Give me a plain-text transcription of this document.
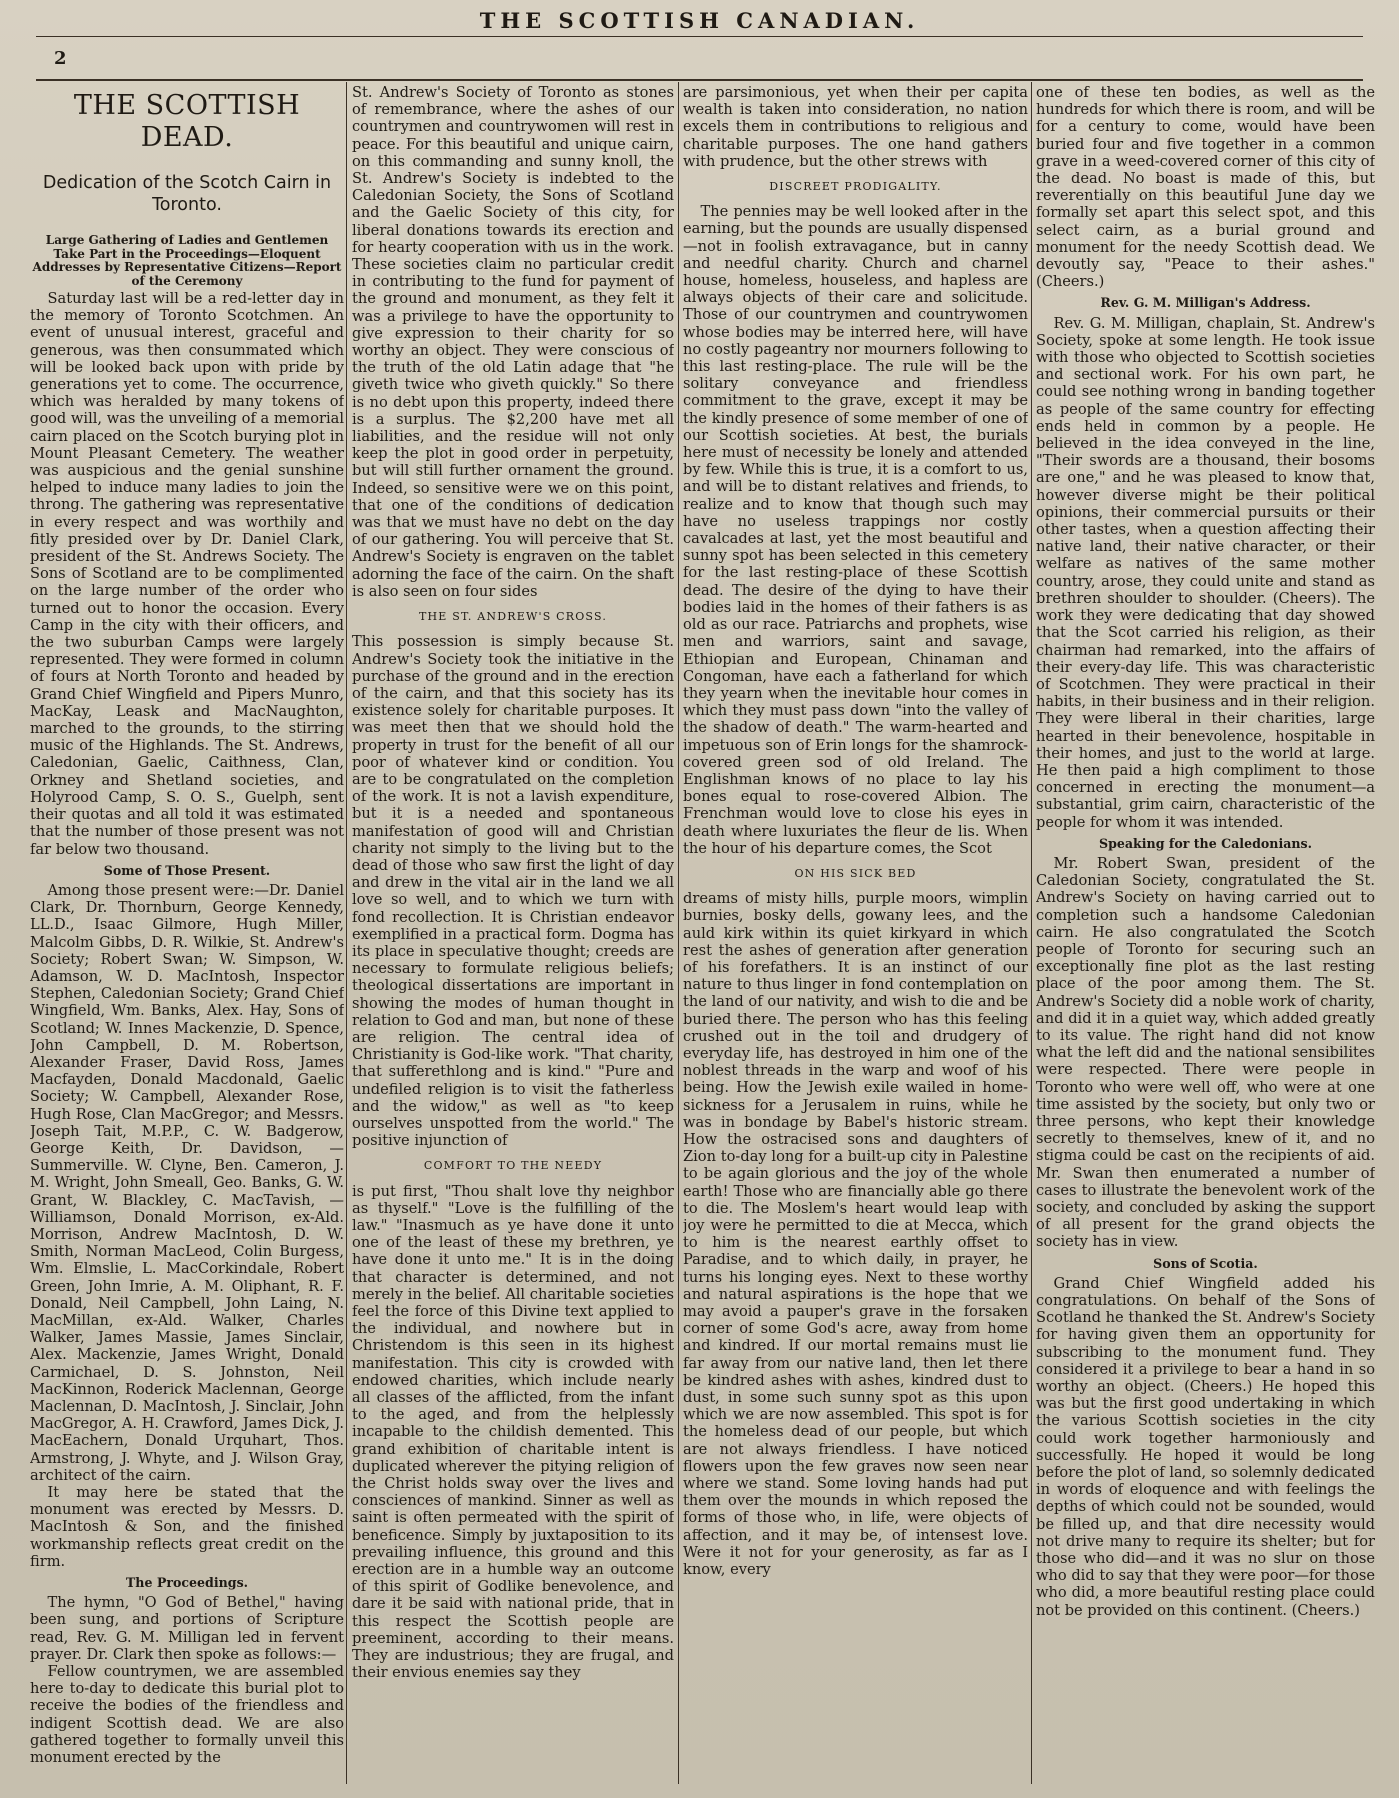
THE SCOTTISH CANADIAN.
2
THE SCOTTISH DEAD.
Dedication of the Scotch Cairn in Toronto.
Large Gathering of Ladies and Gentlemen Take Part in the Proceedings—Eloquent Addresses by Representative Citizens—Report of the Ceremony

Saturday last will be a red-letter day in the memory of Toronto Scotchmen. An event of unusual interest, graceful and generous, was then consummated which will be looked back upon with pride by generations yet to come. The occurrence, which was heralded by many tokens of good will, was the unveiling of a memorial cairn placed on the Scotch burying plot in Mount Pleasant Cemetery. The weather was auspicious and the genial sunshine helped to induce many ladies to join the throng. The gathering was representative in every respect and was worthily and fitly presided over by Dr. Daniel Clark, president of the St. Andrews Society. The Sons of Scotland are to be complimented on the large number of the order who turned out to honor the occasion. Every Camp in the city with their officers, and the two suburban Camps were largely represented. They were formed in column of fours at North Toronto and headed by Grand Chief Wingfield and Pipers Munro, MacKay, Leask and MacNaughton, marched to the grounds, to the stirring music of the Highlands. The St. Andrews, Caledonian, Gaelic, Caithness, Clan, Orkney and Shetland societies, and Holyrood Camp, S. O. S., Guelph, sent their quotas and all told it was estimated that the number of those present was not far below two thousand.

Some of Those Present.

Among those present were:—Dr. Daniel Clark, Dr. Thornburn, George Kennedy, LL.D., Isaac Gilmore, Hugh Miller, Malcolm Gibbs, D. R. Wilkie, St. Andrew's Society; Robert Swan; W. Simpson, W. Adamson, W. D. MacIntosh, Inspector Stephen, Caledonian Society; Grand Chief Wingfield, Wm. Banks, Alex. Hay, Sons of Scotland; W. Innes Mackenzie, D. Spence, John Campbell, D. M. Robertson, Alexander Fraser, David Ross, James Macfayden, Donald Macdonald, Gaelic Society; W. Campbell, Alexander Rose, Hugh Rose, Clan MacGregor; and Messrs. Joseph Tait, M.P.P., C. W. Badgerow, George Keith, Dr. Davidson, — Summerville. W. Clyne, Ben. Cameron, J. M. Wright, John Smeall, Geo. Banks, G. W. Grant, W. Blackley, C. MacTavish, — Williamson, Donald Morrison, ex-Ald. Morrison, Andrew MacIntosh, D. W. Smith, Norman MacLeod, Colin Burgess, Wm. Elmslie, L. MacCorkindale, Robert Green, John Imrie, A. M. Oliphant, R. F. Donald, Neil Campbell, John Laing, N. MacMillan, ex-Ald. Walker, Charles Walker, James Massie, James Sinclair, Alex. Mackenzie, James Wright, Donald Carmichael, D. S. Johnston, Neil MacKinnon, Roderick Maclennan, George Maclennan, D. MacIntosh, J. Sinclair, John MacGregor, A. H. Crawford, James Dick, J. MacEachern, Donald Urquhart, Thos. Armstrong, J. Whyte, and J. Wilson Gray, architect of the cairn.

It may here be stated that the monument was erected by Messrs. D. MacIntosh & Son, and the finished workmanship reflects great credit on the firm.

The Proceedings.

The hymn, "O God of Bethel," having been sung, and portions of Scripture read, Rev. G. M. Milligan led in fervent prayer. Dr. Clark then spoke as follows:—

Fellow countrymen, we are assembled here to-day to dedicate this burial plot to receive the bodies of the friendless and indigent Scottish dead. We are also gathered together to formally unveil this monument erected by the

St. Andrew's Society of Toronto as stones of remembrance, where the ashes of our countrymen and countrywomen will rest in peace. For this beautiful and unique cairn, on this commanding and sunny knoll, the St. Andrew's Society is indebted to the Caledonian Society, the Sons of Scotland and the Gaelic Society of this city, for liberal donations towards its erection and for hearty cooperation with us in the work. These societies claim no particular credit in contributing to the fund for payment of the ground and monument, as they felt it was a privilege to have the opportunity to give expression to their charity for so worthy an object. They were conscious of the truth of the old Latin adage that "he giveth twice who giveth quickly." So there is no debt upon this property, indeed there is a surplus. The $2,200 have met all liabilities, and the residue will not only keep the plot in good order in perpetuity, but will still further ornament the ground. Indeed, so sensitive were we on this point, that one of the conditions of dedication was that we must have no debt on the day of our gathering. You will perceive that St. Andrew's Society is engraven on the tablet adorning the face of the cairn. On the shaft is also seen on four sides

THE ST. ANDREW'S CROSS.

This possession is simply because St. Andrew's Society took the initiative in the purchase of the ground and in the erection of the cairn, and that this society has its existence solely for charitable purposes. It was meet then that we should hold the property in trust for the benefit of all our poor of whatever kind or condition. You are to be congratulated on the completion of the work. It is not a lavish expenditure, but it is a needed and spontaneous manifestation of good will and Christian charity not simply to the living but to the dead of those who saw first the light of day and drew in the vital air in the land we all love so well, and to which we turn with fond recollection. It is Christian endeavor exemplified in a practical form. Dogma has its place in speculative thought; creeds are necessary to formulate religious beliefs; theological dissertations are important in showing the modes of human thought in relation to God and man, but none of these are religion. The central idea of Christianity is God-like work. "That charity, that sufferethlong and is kind." "Pure and undefiled religion is to visit the fatherless and the widow," as well as "to keep ourselves unspotted from the world." The positive injunction of

COMFORT TO THE NEEDY

is put first, "Thou shalt love thy neighbor as thyself." "Love is the fulfilling of the law." "Inasmuch as ye have done it unto one of the least of these my brethren, ye have done it unto me." It is in the doing that character is determined, and not merely in the belief. All charitable societies feel the force of this Divine text applied to the individual, and nowhere but in Christendom is this seen in its highest manifestation. This city is crowded with endowed charities, which include nearly all classes of the afflicted, from the infant to the aged, and from the helplessly incapable to the childish demented. This grand exhibition of charitable intent is duplicated wherever the pitying religion of the Christ holds sway over the lives and consciences of mankind. Sinner as well as saint is often permeated with the spirit of beneficence. Simply by juxtaposition to its prevailing influence, this ground and this erection are in a humble way an outcome of this spirit of Godlike benevolence, and dare it be said with national pride, that in this respect the Scottish people are preeminent, according to their means. They are industrious; they are frugal, and their envious enemies say they

are parsimonious, yet when their per capita wealth is taken into consideration, no nation excels them in contributions to religious and charitable purposes. The one hand gathers with prudence, but the other strews with

DISCREET PRODIGALITY.

The pennies may be well looked after in the earning, but the pounds are usually dispensed—not in foolish extravagance, but in canny and needful charity. Church and charnel house, homeless, houseless, and hapless are always objects of their care and solicitude. Those of our countrymen and countrywomen whose bodies may be interred here, will have no costly pageantry nor mourners following to this last resting-place. The rule will be the solitary conveyance and friendless commitment to the grave, except it may be the kindly presence of some member of one of our Scottish societies. At best, the burials here must of necessity be lonely and attended by few. While this is true, it is a comfort to us, and will be to distant relatives and friends, to realize and to know that though such may have no useless trappings nor costly cavalcades at last, yet the most beautiful and sunny spot has been selected in this cemetery for the last resting-place of these Scottish dead. The desire of the dying to have their bodies laid in the homes of their fathers is as old as our race. Patriarchs and prophets, wise men and warriors, saint and savage, Ethiopian and European, Chinaman and Congoman, have each a fatherland for which they yearn when the inevitable hour comes in which they must pass down "into the valley of the shadow of death." The warm-hearted and impetuous son of Erin longs for the shamrock-covered green sod of old Ireland. The Englishman knows of no place to lay his bones equal to rose-covered Albion. The Frenchman would love to close his eyes in death where luxuriates the fleur de lis. When the hour of his departure comes, the Scot

ON HIS SICK BED

dreams of misty hills, purple moors, wimplin burnies, bosky dells, gowany lees, and the auld kirk within its quiet kirkyard in which rest the ashes of generation after generation of his forefathers. It is an instinct of our nature to thus linger in fond contemplation on the land of our nativity, and wish to die and be buried there. The person who has this feeling crushed out in the toil and drudgery of everyday life, has destroyed in him one of the noblest threads in the warp and woof of his being. How the Jewish exile wailed in home-sickness for a Jerusalem in ruins, while he was in bondage by Babel's historic stream. How the ostracised sons and daughters of Zion to-day long for a built-up city in Palestine to be again glorious and the joy of the whole earth! Those who are financially able go there to die. The Moslem's heart would leap with joy were he permitted to die at Mecca, which to him is the nearest earthly offset to Paradise, and to which daily, in prayer, he turns his longing eyes. Next to these worthy and natural aspirations is the hope that we may avoid a pauper's grave in the forsaken corner of some God's acre, away from home and kindred. If our mortal remains must lie far away from our native land, then let there be kindred ashes with ashes, kindred dust to dust, in some such sunny spot as this upon which we are now assembled. This spot is for the homeless dead of our people, but which are not always friendless. I have noticed flowers upon the few graves now seen near where we stand. Some loving hands had put them over the mounds in which reposed the forms of those who, in life, were objects of affection, and it may be, of intensest love. Were it not for your generosity, as far as I know, every

one of these ten bodies, as well as the hundreds for which there is room, and will be for a century to come, would have been buried four and five together in a common grave in a weed-covered corner of this city of the dead. No boast is made of this, but reverentially on this beautiful June day we formally set apart this select spot, and this select cairn, as a burial ground and monument for the needy Scottish dead. We devoutly say, "Peace to their ashes." (Cheers.)

Rev. G. M. Milligan's Address.

Rev. G. M. Milligan, chaplain, St. Andrew's Society, spoke at some length. He took issue with those who objected to Scottish societies and sectional work. For his own part, he could see nothing wrong in banding together as people of the same country for effecting ends held in common by a people. He believed in the idea conveyed in the line, "Their swords are a thousand, their bosoms are one," and he was pleased to know that, however diverse might be their political opinions, their commercial pursuits or their other tastes, when a question affecting their native land, their native character, or their welfare as natives of the same mother country, arose, they could unite and stand as brethren shoulder to shoulder. (Cheers). The work they were dedicating that day showed that the Scot carried his religion, as their chairman had remarked, into the affairs of their every-day life. This was characteristic of Scotchmen. They were practical in their habits, in their business and in their religion. They were liberal in their charities, large hearted in their benevolence, hospitable in their homes, and just to the world at large. He then paid a high compliment to those concerned in erecting the monument—a substantial, grim cairn, characteristic of the people for whom it was intended.

Speaking for the Caledonians.

Mr. Robert Swan, president of the Caledonian Society, congratulated the St. Andrew's Society on having carried out to completion such a handsome Caledonian cairn. He also congratulated the Scotch people of Toronto for securing such an exceptionally fine plot as the last resting place of the poor among them. The St. Andrew's Society did a noble work of charity, and did it in a quiet way, which added greatly to its value. The right hand did not know what the left did and the national sensibilites were respected. There were people in Toronto who were well off, who were at one time assisted by the society, but only two or three persons, who kept their knowledge secretly to themselves, knew of it, and no stigma could be cast on the recipients of aid. Mr. Swan then enumerated a number of cases to illustrate the benevolent work of the society, and concluded by asking the support of all present for the grand objects the society has in view.

Sons of Scotia.

Grand Chief Wingfield added his congratulations. On behalf of the Sons of Scotland he thanked the St. Andrew's Society for having given them an opportunity for subscribing to the monument fund. They considered it a privilege to bear a hand in so worthy an object. (Cheers.) He hoped this was but the first good undertaking in which the various Scottish societies in the city could work together harmoniously and successfully. He hoped it would be long before the plot of land, so solemnly dedicated in words of eloquence and with feelings the depths of which could not be sounded, would be filled up, and that dire necessity would not drive many to require its shelter; but for those who did—and it was no slur on those who did to say that they were poor—for those who did, a more beautiful resting place could not be provided on this continent. (Cheers.)
